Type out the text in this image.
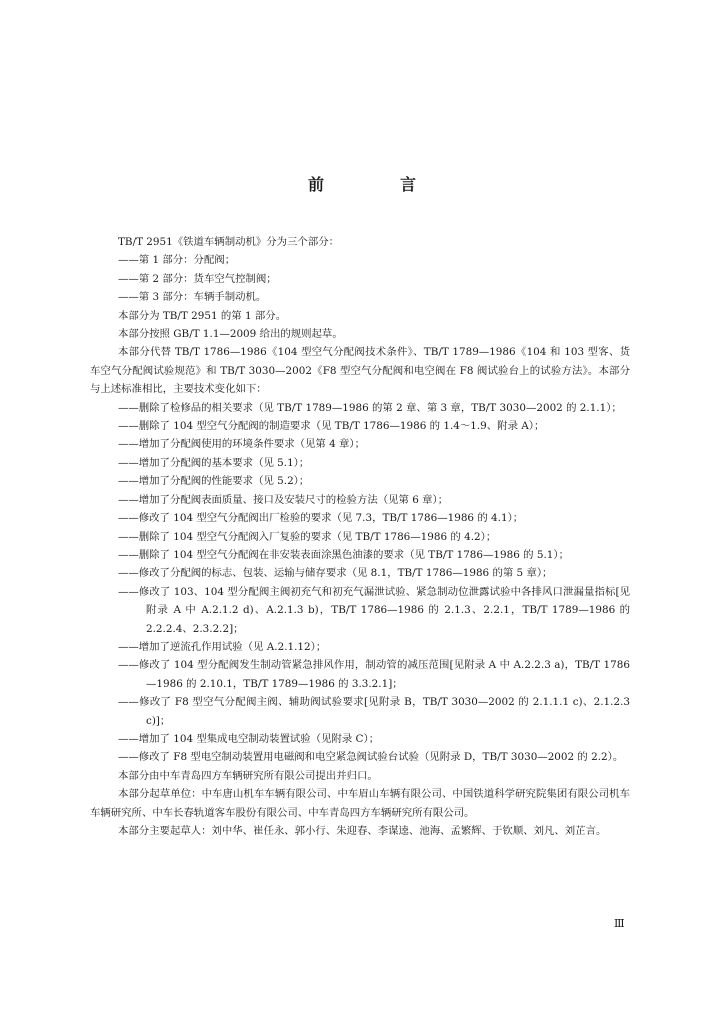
前　言

TB/T 2951《铁道车辆制动机》分为三个部分：

——第 1 部分：分配阀；

——第 2 部分：货车空气控制阀；

——第 3 部分：车辆手制动机。

本部分为 TB/T 2951 的第 1 部分。

本部分按照 GB/T 1.1—2009 给出的规则起草。

本部分代替 TB/T 1786—1986《104 型空气分配阀技术条件》、TB/T 1789—1986《104 和 103 型客、货车空气分配阀试验规范》和 TB/T 3030—2002《F8 型空气分配阀和电空阀在 F8 阀试验台上的试验方法》。本部分与上述标准相比，主要技术变化如下：

——删除了检修品的相关要求（见 TB/T 1789—1986 的第 2 章、第 3 章，TB/T 3030—2002 的 2.1.1）；

——删除了 104 型空气分配阀的制造要求（见 TB/T 1786—1986 的 1.4～1.9、附录 A）；

——增加了分配阀使用的环境条件要求（见第 4 章）；

——增加了分配阀的基本要求（见 5.1）；

——增加了分配阀的性能要求（见 5.2）；

——增加了分配阀表面质量、接口及安装尺寸的检验方法（见第 6 章）；

——修改了 104 型空气分配阀出厂检验的要求（见 7.3，TB/T 1786—1986 的 4.1）；

——删除了 104 型空气分配阀入厂复验的要求（见 TB/T 1786—1986 的 4.2）；

——删除了 104 型空气分配阀在非安装表面涂黑色油漆的要求（见 TB/T 1786—1986 的 5.1）；

——修改了分配阀的标志、包装、运输与储存要求（见 8.1，TB/T 1786—1986 的第 5 章）；

——修改了 103、104 型分配阀主阀初充气和初充气漏泄试验、紧急制动位泄露试验中各排风口泄漏量指标[见附录 A 中 A.2.1.2 d)、A.2.1.3 b)，TB/T 1786—1986 的 2.1.3、2.2.1，TB/T 1789—1986 的 2.2.2.4、2.3.2.2]；

——增加了逆流孔作用试验（见 A.2.1.12）；

——修改了 104 型分配阀发生制动管紧急排风作用，制动管的减压范围[见附录 A 中 A.2.2.3 a)，TB/T 1786—1986 的 2.10.1，TB/T 1789—1986 的 3.3.2.1]；

——修改了 F8 型空气分配阀主阀、辅助阀试验要求[见附录 B，TB/T 3030—2002 的 2.1.1.1 c)、2.1.2.3 c)]；

——增加了 104 型集成电空制动装置试验（见附录 C）；

——修改了 F8 型电空制动装置用电磁阀和电空紧急阀试验台试验（见附录 D，TB/T 3030—2002 的 2.2）。

本部分由中车青岛四方车辆研究所有限公司提出并归口。

本部分起草单位：中车唐山机车车辆有限公司、中车眉山车辆有限公司、中国铁道科学研究院集团有限公司机车车辆研究所、中车长春轨道客车股份有限公司、中车青岛四方车辆研究所有限公司。

本部分主要起草人：刘中华、崔任永、郭小行、朱迎春、李谋逵、池海、孟繁辉、于钦顺、刘凡、刘芷言。

Ⅲ
